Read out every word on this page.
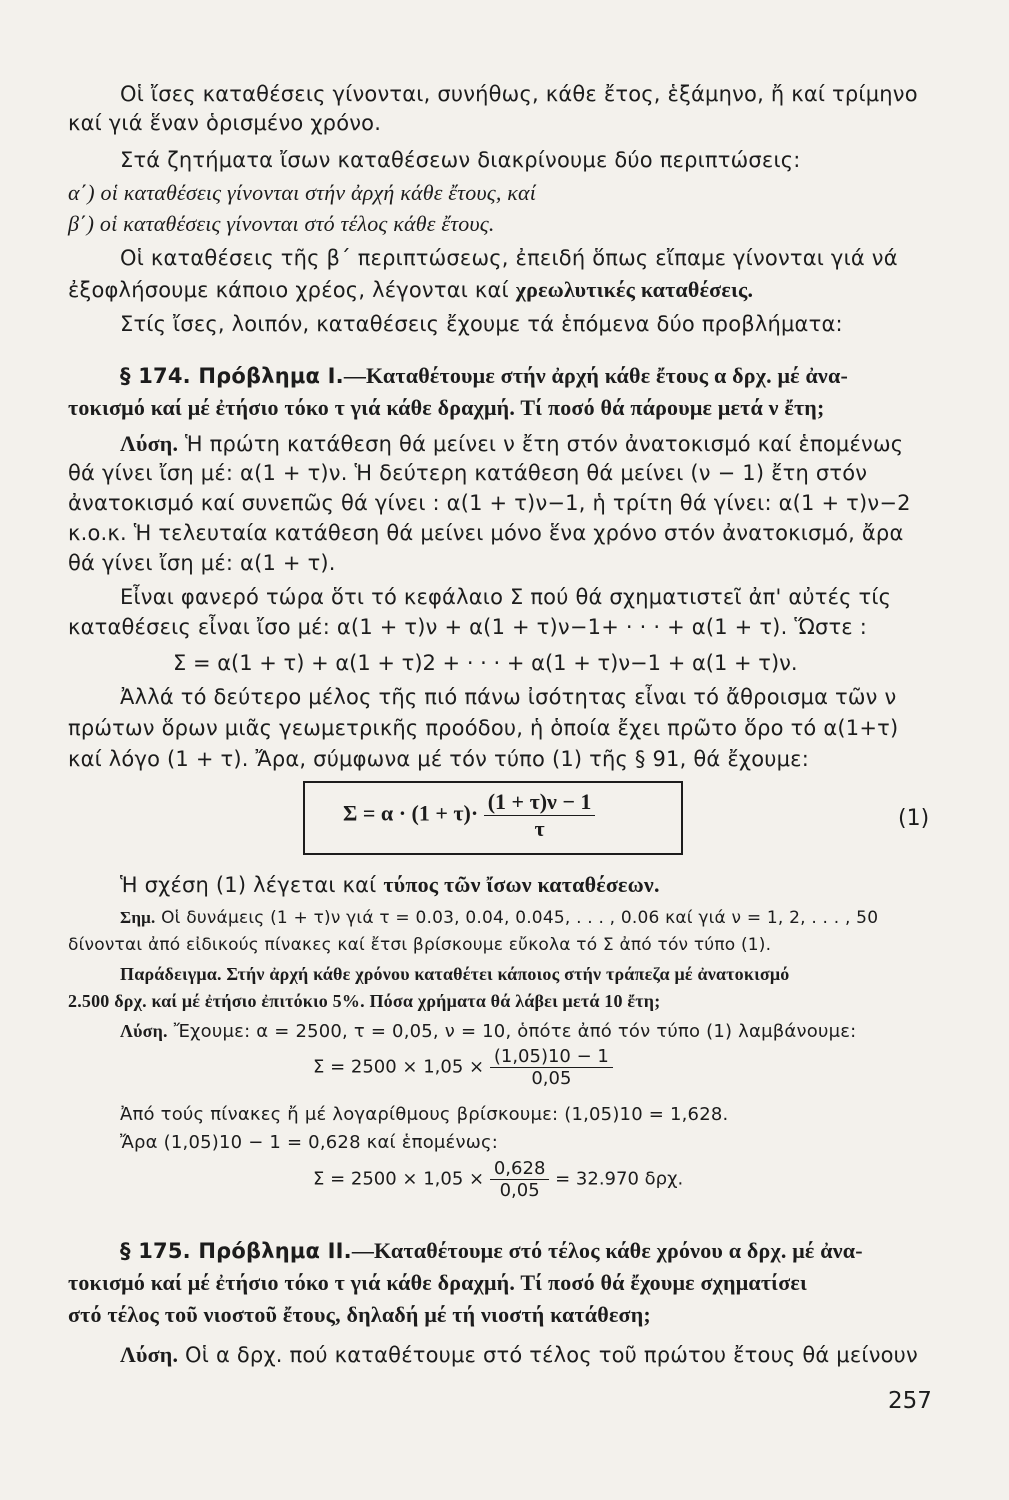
Οἱ ἴσες καταθέσεις γίνονται, συνήθως, κάθε ἔτος, ἑξάμηνο, ἤ καί τρίμηνο
καί γιά ἕναν ὁρισμένο χρόνο.
Στά ζητήματα ἴσων καταθέσεων διακρίνουμε δύο περιπτώσεις:
α΄) οἱ καταθέσεις γίνονται στήν ἀρχή κάθε ἔτους, καί
β΄) οἱ καταθέσεις γίνονται στό τέλος κάθε ἔτους.
Οἱ καταθέσεις τῆς β΄ περιπτώσεως, ἐπειδή ὅπως εἴπαμε γίνονται γιά νά
ἐξοφλήσουμε κάποιο χρέος, λέγονται καί χρεωλυτικές καταθέσεις.
Στίς ἴσες, λοιπόν, καταθέσεις ἔχουμε τά ἑπόμενα δύο προβλήματα:
§ 174. Πρόβλημα Ι.—Καταθέτουμε στήν ἀρχή κάθε ἔτους α δρχ. μέ ἀνα-
τοκισμό καί μέ ἐτήσιο τόκο τ γιά κάθε δραχμή. Τί ποσό θά πάρουμε μετά ν ἔτη;
Λύση. Ἡ πρώτη κατάθεση θά μείνει ν ἔτη στόν ἀνατοκισμό καί ἑπομένως
θά γίνει ἴση μέ: α(1 + τ)ν. Ἡ δεύτερη κατάθεση θά μείνει (ν − 1) ἔτη στόν
ἀνατοκισμό καί συνεπῶς θά γίνει : α(1 + τ)ν−1, ἡ τρίτη θά γίνει: α(1 + τ)ν−2
κ.ο.κ. Ἡ τελευταία κατάθεση θά μείνει μόνο ἕνα χρόνο στόν ἀνατοκισμό, ἄρα
θά γίνει ἴση μέ: α(1 + τ).
Εἶναι φανερό τώρα ὅτι τό κεφάλαιο Σ πού θά σχηματιστεῖ ἀπ' αὐτές τίς
καταθέσεις εἶναι ἴσο μέ: α(1 + τ)ν + α(1 + τ)ν−1+ · · · + α(1 + τ). Ὥστε :
Σ = α(1 + τ) + α(1 + τ)2 + · · · + α(1 + τ)ν−1 + α(1 + τ)ν.
Ἀλλά τό δεύτερο μέλος τῆς πιό πάνω ἰσότητας εἶναι τό ἄθροισμα τῶν ν
πρώτων ὅρων μιᾶς γεωμετρικῆς προόδου, ἡ ὁποία ἔχει πρῶτο ὅρο τό α(1+τ)
καί λόγο (1 + τ). Ἄρα, σύμφωνα μέ τόν τύπο (1) τῆς § 91, θά ἔχουμε:
$\Sigma = \alpha \cdot (1 + \tau)\cdot \frac{(1 + \tau)\nu - 1}{\tau}$	(1)
Ἡ σχέση (1) λέγεται καί τύπος τῶν ἴσων καταθέσεων.
Σημ. Οἱ δυνάμεις (1 + τ)ν γιά τ = 0.03, 0.04, 0.045, . . . , 0.06 καί γιά ν = 1, 2, . . . , 50
δίνονται ἀπό εἰδικούς πίνακες καί ἔτσι βρίσκουμε εὔκολα τό Σ ἀπό τόν τύπο (1).
Παράδειγμα. Στήν ἀρχή κάθε χρόνου καταθέτει κάποιος στήν τράπεζα μέ ἀνατοκισμό
2.500 δρχ. καί μέ ἐτήσιο ἐπιτόκιο 5%. Πόσα χρήματα θά λάβει μετά 10 ἔτη;
Λύση. Ἔχουμε: α = 2500, τ = 0,05, ν = 10, ὁπότε ἀπό τόν τύπο (1) λαμβάνουμε:
$\Sigma = 2500 \times 1,05 \times \frac{(1,05)10 - 1}{0,05}$
Ἀπό τούς πίνακες ἤ μέ λογαρίθμους βρίσκουμε: (1,05)10 = 1,628.
Ἄρα (1,05)10 − 1 = 0,628 καί ἑπομένως:
$\Sigma = 2500 \times 1,05 \times \frac{0,628}{0,05} = 32.970$ δρχ.
§ 175. Πρόβλημα ΙΙ.—Καταθέτουμε στό τέλος κάθε χρόνου α δρχ. μέ ἀνα-
τοκισμό καί μέ ἐτήσιο τόκο τ γιά κάθε δραχμή. Τί ποσό θά ἔχουμε σχηματίσει
στό τέλος τοῦ νιοστοῦ ἔτους, δηλαδή μέ τή νιοστή κατάθεση;
Λύση. Οἱ α δρχ. πού καταθέτουμε στό τέλος τοῦ πρώτου ἔτους θά μείνουν
257
